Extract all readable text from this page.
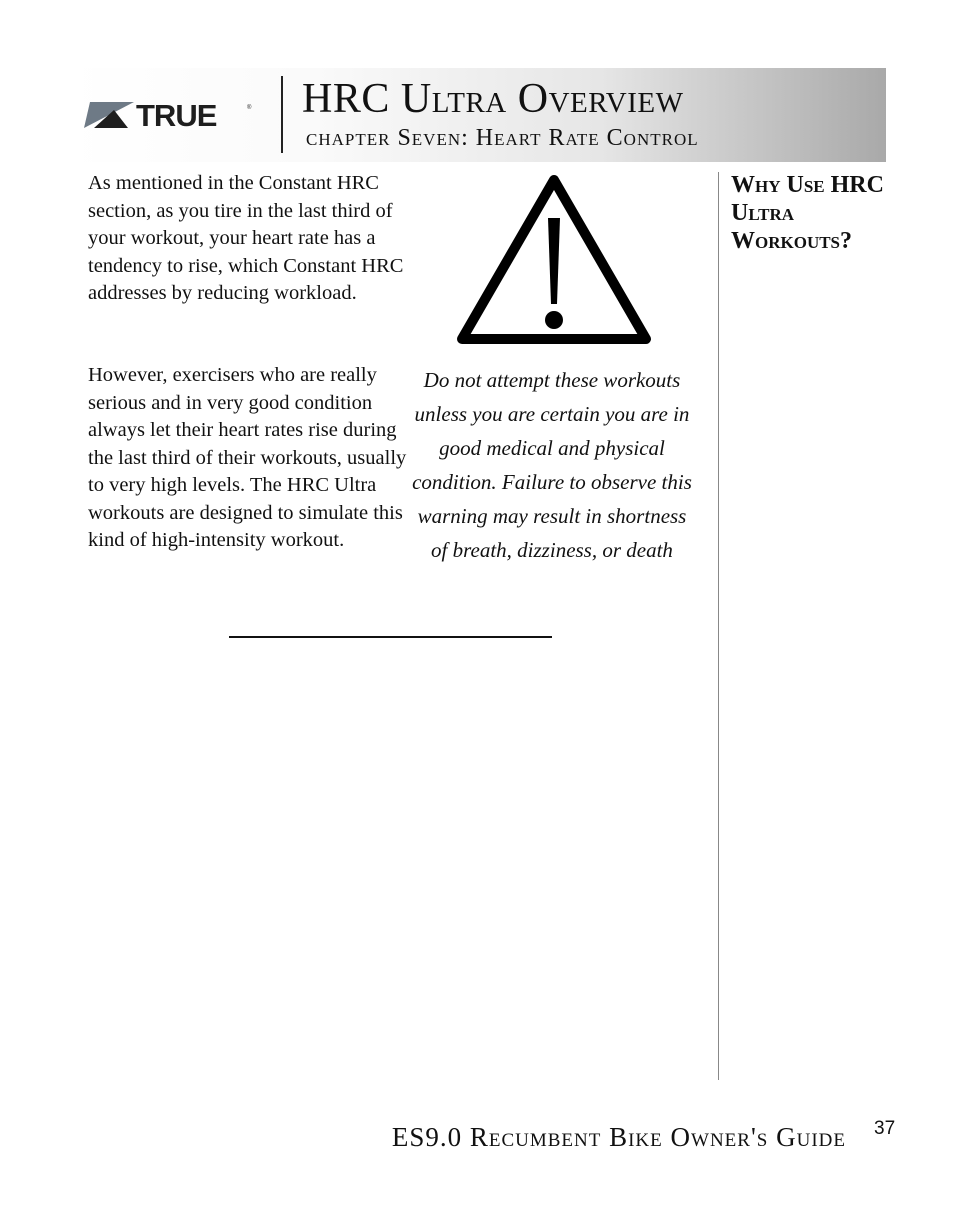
TRUE	® HRC Ultra Overview

chapter Seven: Heart Rate Control

As mentioned in the Constant HRC section, as you tire in the last third of your workout, your heart rate has a tendency to rise, which Constant HRC addresses by reducing workload.

However, exercisers who are really serious and in very good condition always let their heart rates rise during the last third of their workouts, usually to very high levels. The HRC Ultra workouts are designed to simulate this kind of high-intensity workout.

Do not attempt these workouts unless you are certain you are in good medical and physical condition. Failure to observe this warning may result in shortness of breath, dizziness, or death

Why Use HRC Ultra Workouts?

ES9.0 Recumbent Bike Owner's Guide 37
